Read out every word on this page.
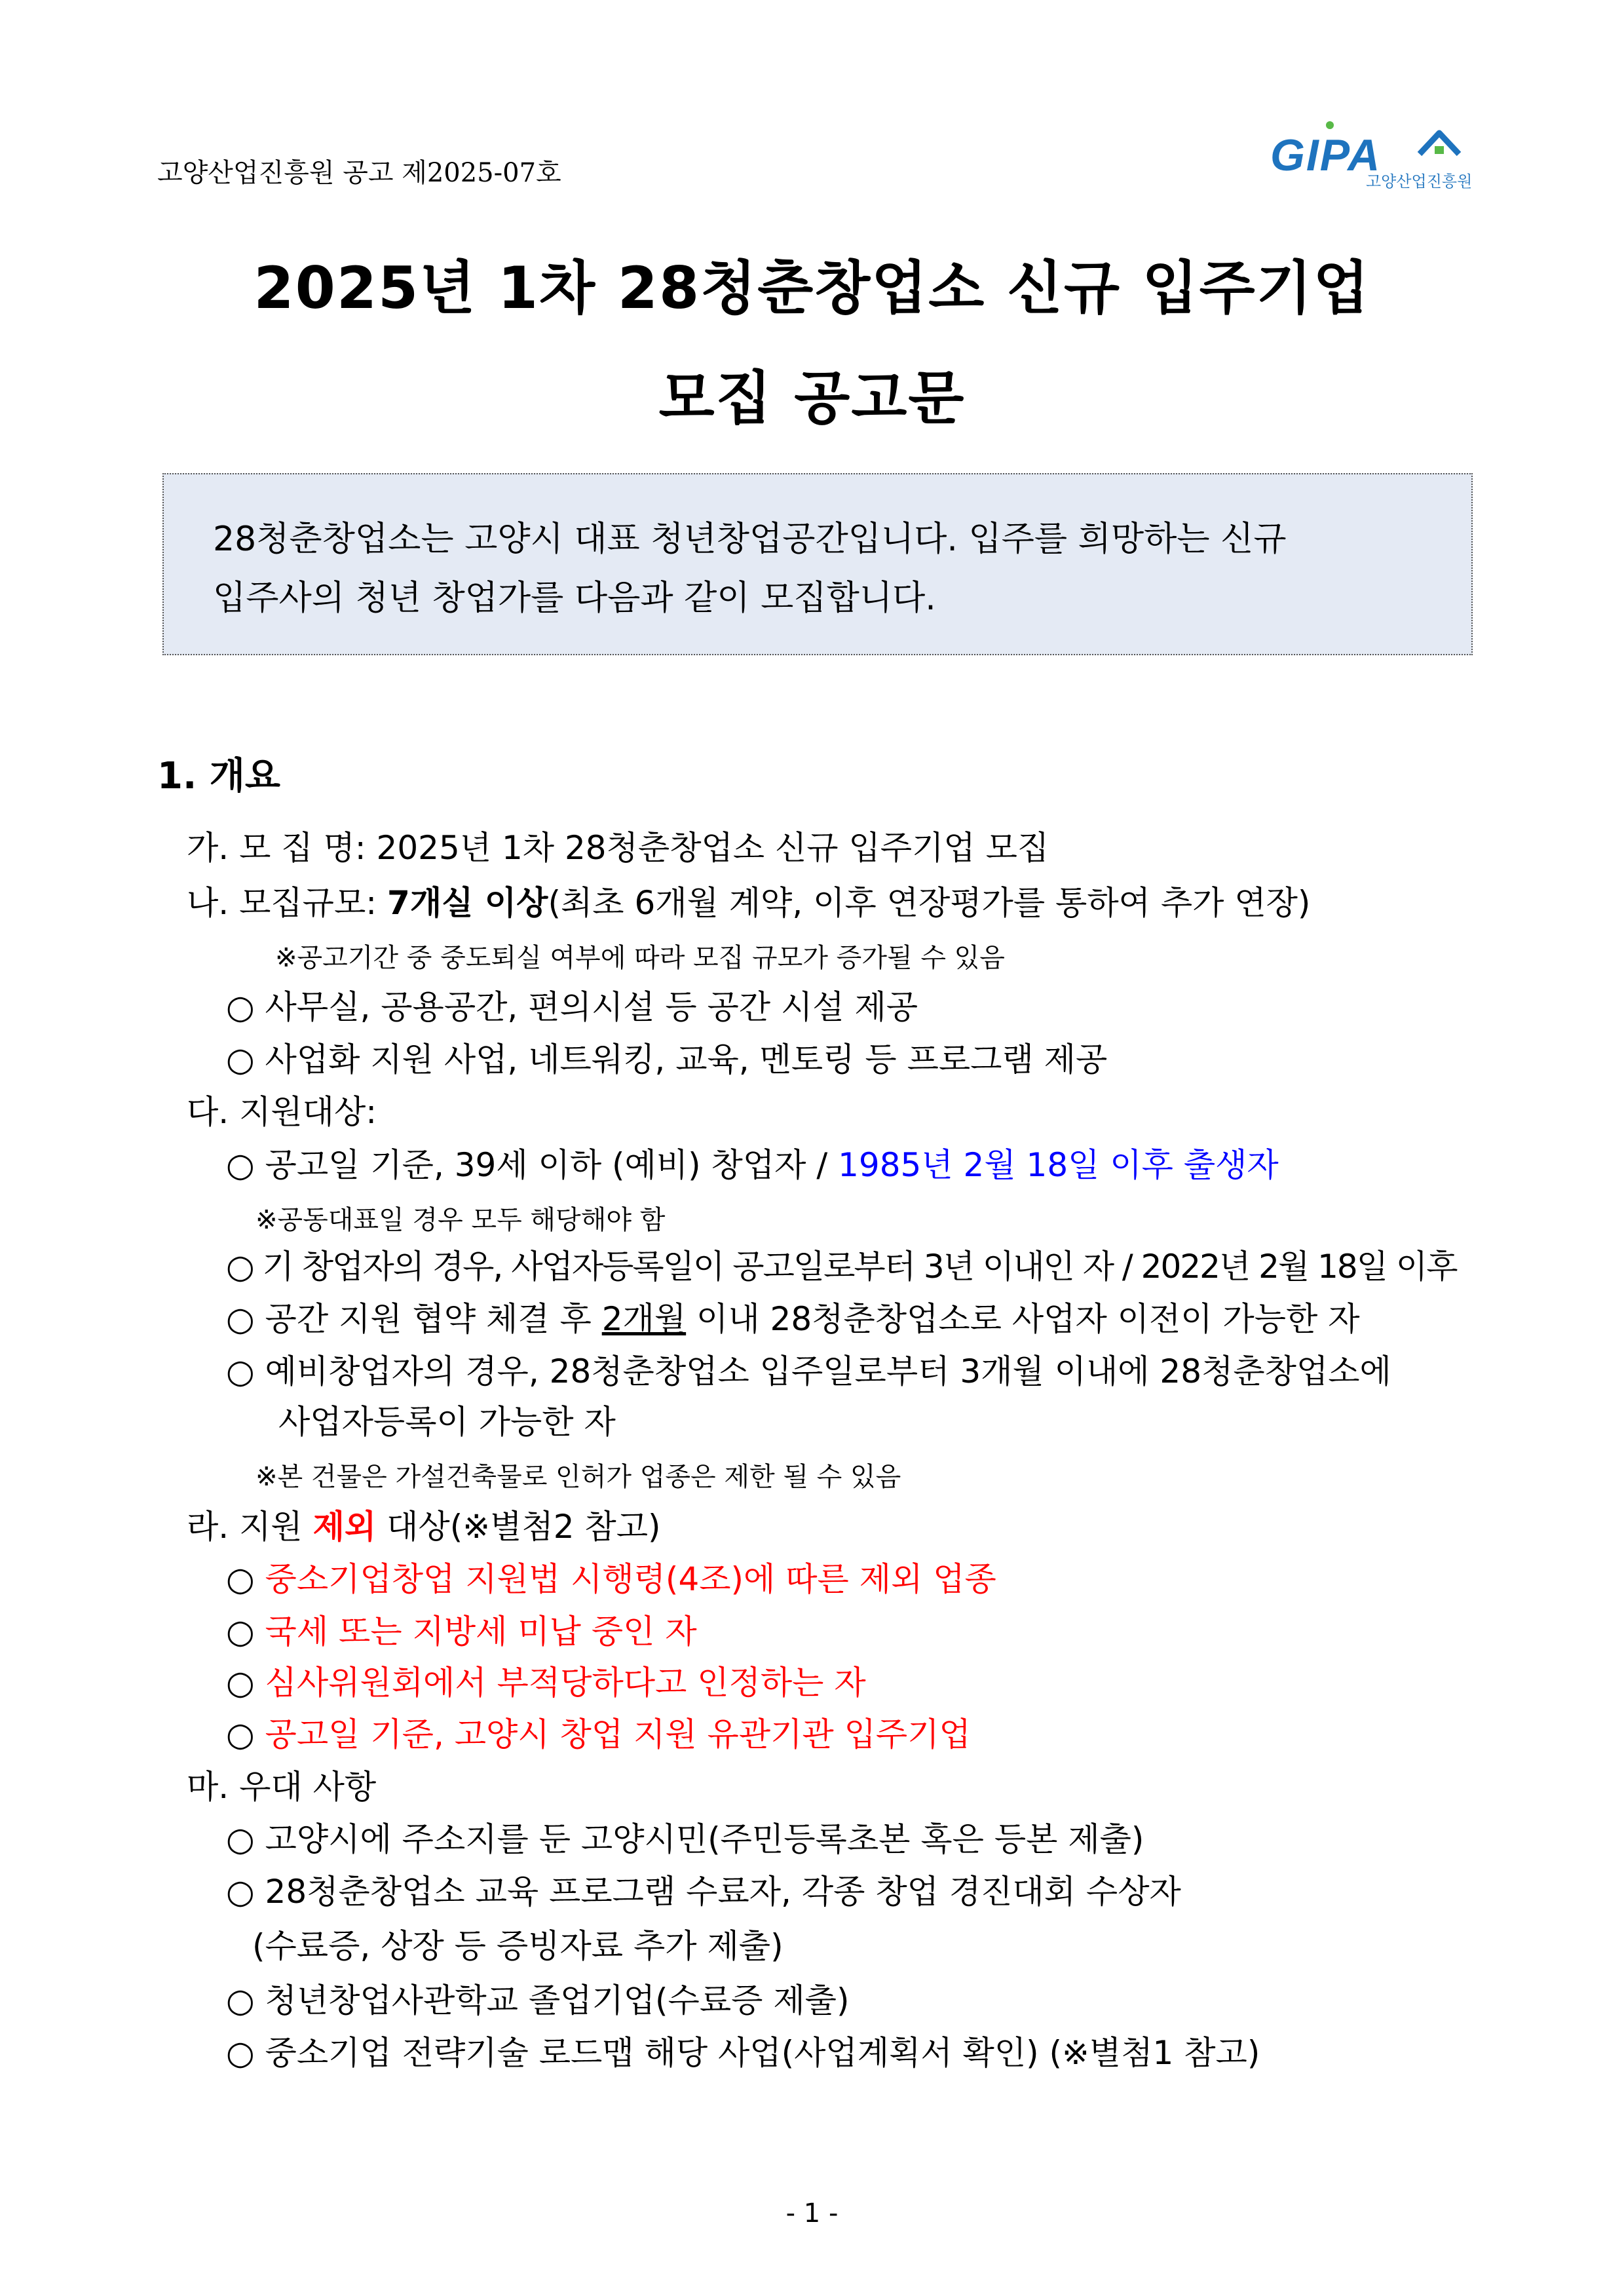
고양산업진흥원 공고 제2025-07호	GIPA
고양산업진흥원
2025년 1차 28청춘창업소 신규 입주기업
모집 공고문
28청춘창업소는 고양시 대표 청년창업공간입니다. 입주를 희망하는 신규
입주사의 청년 창업가를 다음과 같이 모집합니다.
1. 개요
가. 모 집 명: 2025년 1차 28청춘창업소 신규 입주기업 모집
나. 모집규모: 7개실 이상(최초 6개월 계약, 이후 연장평가를 통하여 추가 연장)
※공고기간 중 중도퇴실 여부에 따라 모집 규모가 증가될 수 있음
○ 사무실, 공용공간, 편의시설 등 공간 시설 제공
○ 사업화 지원 사업, 네트워킹, 교육, 멘토링 등 프로그램 제공
다. 지원대상:
○ 공고일 기준, 39세 이하 (예비) 창업자 / 1985년 2월 18일 이후 출생자
※공동대표일 경우 모두 해당해야 함
○ 기 창업자의 경우, 사업자등록일이 공고일로부터 3년 이내인 자 / 2022년 2월 18일 이후
○ 공간 지원 협약 체결 후 2개월 이내 28청춘창업소로 사업자 이전이 가능한 자
○ 예비창업자의 경우, 28청춘창업소 입주일로부터 3개월 이내에 28청춘창업소에
사업자등록이 가능한 자
※본 건물은 가설건축물로 인허가 업종은 제한 될 수 있음
라. 지원 제외 대상(※별첨2 참고)
○ 중소기업창업 지원법 시행령(4조)에 따른 제외 업종
○ 국세 또는 지방세 미납 중인 자
○ 심사위원회에서 부적당하다고 인정하는 자
○ 공고일 기준, 고양시 창업 지원 유관기관 입주기업
마. 우대 사항
○ 고양시에 주소지를 둔 고양시민(주민등록초본 혹은 등본 제출)
○ 28청춘창업소 교육 프로그램 수료자, 각종 창업 경진대회 수상자
(수료증, 상장 등 증빙자료 추가 제출)
○ 청년창업사관학교 졸업기업(수료증 제출)
○ 중소기업 전략기술 로드맵 해당 사업(사업계획서 확인) (※별첨1 참고)
- 1 -
